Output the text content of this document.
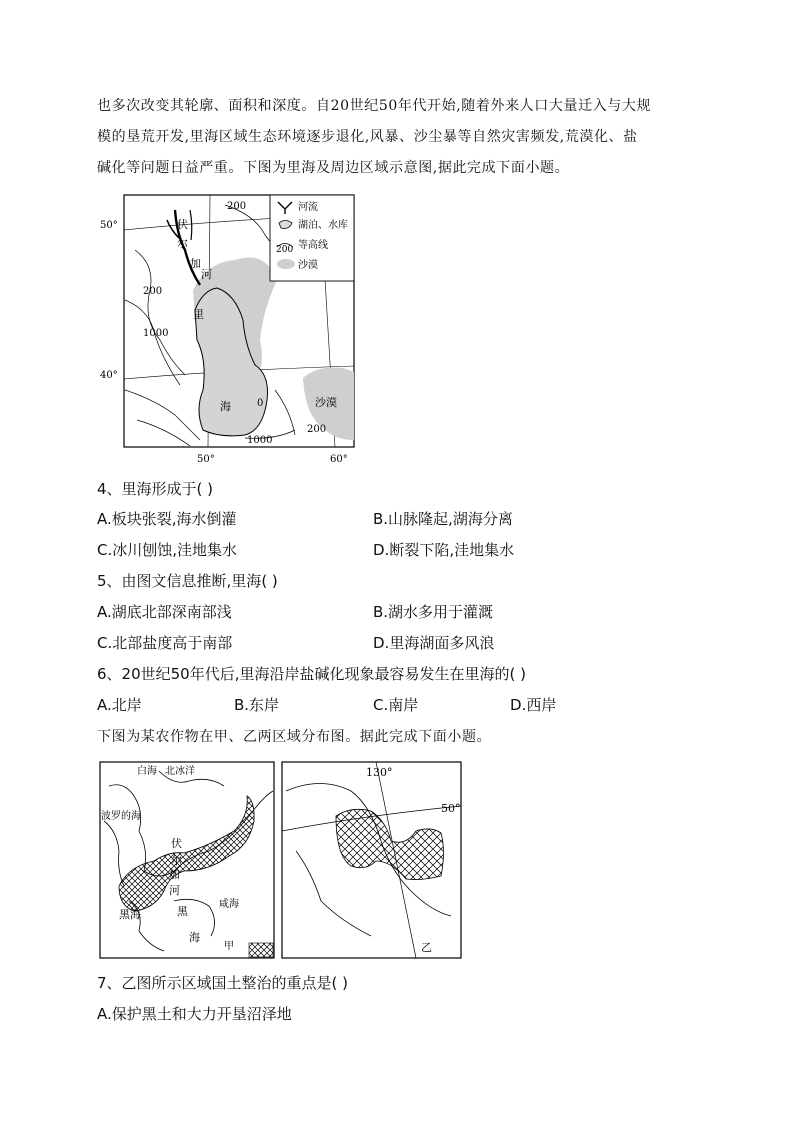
也多次改变其轮廓、面积和深度。自20世纪50年代开始,随着外来人口大量迁入与大规
模的垦荒开发,里海区域生态环境逐步退化,风暴、沙尘暴等自然灾害频发,荒漠化、盐
碱化等问题日益严重。下图为里海及周边区域示意图,据此完成下面小题。
河流
湖泊、水库
200 等高线
沙漠
50°
40°
50°	60°
伏
尔
加
河
里
海	沙漠
200
200
1000
0
200
1000
4、里海形成于( )
A.板块张裂,海水倒灌	B.山脉隆起,湖海分离
C.冰川刨蚀,洼地集水	D.断裂下陷,洼地集水
5、由图文信息推断,里海( )
A.湖底北部深南部浅	B.湖水多用于灌溉
C.北部盐度高于南部	D.里海湖面多风浪
6、20世纪50年代后,里海沿岸盐碱化现象最容易发生在里海的( )
A.北岸	B.东岸	C.南岸	D.西岸
下图为某农作物在甲、乙两区域分布图。据此完成下面小题。
白海 北冰洋
波罗的海
伏
尔
加
河
黑海	黑
海
咸海
甲
130°
50°
乙
7、乙图所示区域国土整治的重点是( )
A.保护黑土和大力开垦沼泽地
